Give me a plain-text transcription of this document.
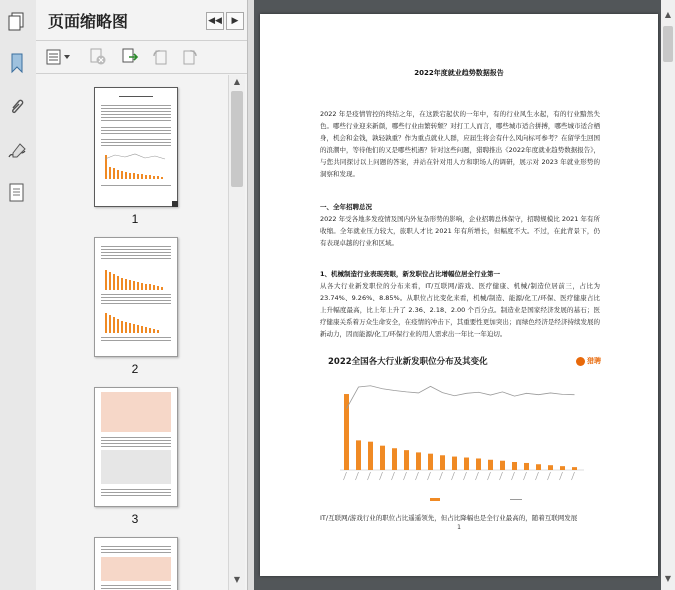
页面缩略图	◀◀ ▶
1
2
3
▲
▼
2022年度就业趋势数据报告
2022 年是疫情管控的终结之年，在这跌宕起伏的一年中，有的行业风生水起，有的行业黯然失色。哪些行业迎来新颜，哪些行业由繁转颓？对打工人而言，哪些城市适合拼搏，哪些城市适合栖身，机会和金钱，孰轻孰重？作为重点就业人群，应届生将会有什么风向标可参考？在留学生回国的浪潮中，等待他们的又是哪些机遇？针对这些问题，猎聘推出《2022年度就业趋势数据报告》，与您共同探讨以上问题的答案，并站在针对用人方和职场人的调研，展示对 2023 年就业形势的洞察和发现。
一、全年招聘总况
2022 年受各地多发疫情及国内外复杂形势的影响，企业招聘总体保守，招聘规模比 2021 年有所收缩。全年就业压力较大，旅职人才比 2021 年有所增长，但幅度不大。不过，在此背景下，仍有表现卓越的行业和区域。
1、机械制造行业表现亮眼，新发职位占比增幅位居全行业第一
从各大行业新发职位的分布来看，IT/互联网/游戏、医疗健康、机械/制造位居前三，占比为 23.74%、9.26%、8.85%。从职位占比变化来看，机械/制造、能源/化工/环保、医疗健康占比上升幅度最高，比上年上升了 2.36、2.18、2.00 个百分点。制造业是国家经济发展的基石；医疗健康关系着万众生命安全，在疫情的冲击下，其重要性更加突出；而绿色经济是经济持续发展的新动力，因而能源/化工/环保行业的用人需求出一年比一年迫切。
2022全国各大行业新发职位分布及其变化	猎聘
IT/互联网/游戏行业的职位占比遥遥领先，但占比降幅也是全行业最高的，随着互联网发展
1
▲
▼
